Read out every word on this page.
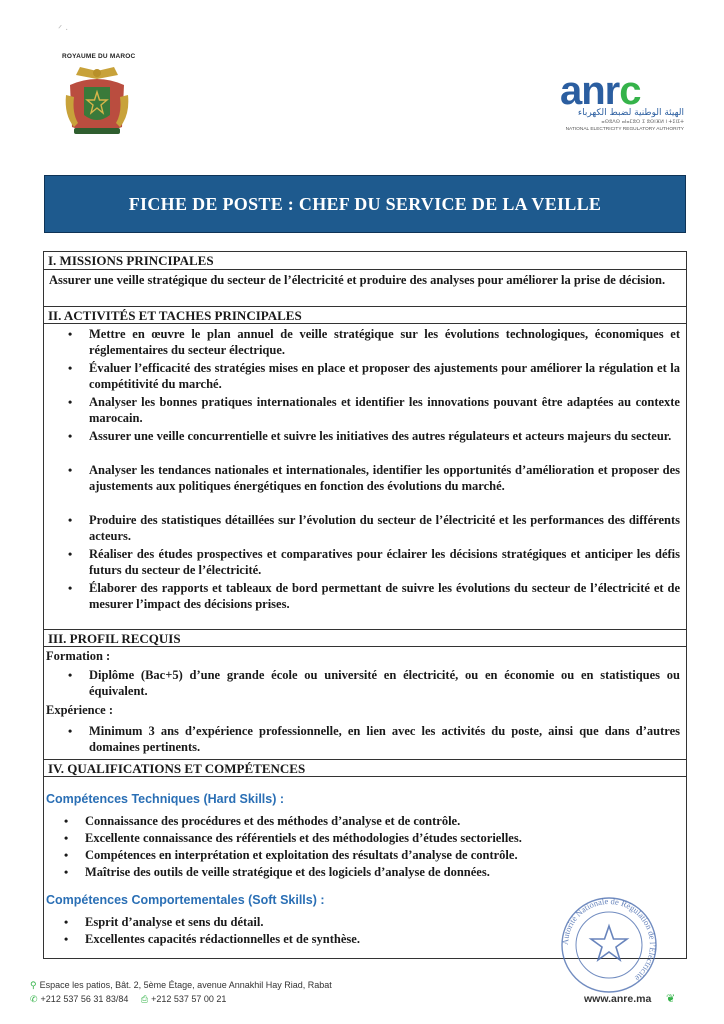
ᐟ ·
ROYAUME DU MAROC
anrc
الهيئة الوطنية لضبط الكهرباء
ⴰⵙⵓⴷⵙ ⴰⵏⴰⵎⵓⵔ ⵉ ⵓⵙⵏⴼⵍ ⵏ ⵜⵉⵏⵉⵜ
NATIONAL ELECTRICITY REGULATORY AUTHORITY
FICHE DE POSTE : CHEF DU SERVICE DE LA VEILLE
I. MISSIONS PRINCIPALES
Assurer une veille stratégique du secteur de l’électricité et produire des analyses pour améliorer la prise de décision.
II. ACTIVITÉS ET TACHES PRINCIPALES
• Mettre en œuvre le plan annuel de veille stratégique sur les évolutions technologiques, économiques et réglementaires du secteur électrique.
• Évaluer l’efficacité des stratégies mises en place et proposer des ajustements pour améliorer la régulation et la compétitivité du marché.
• Analyser les bonnes pratiques internationales et identifier les innovations pouvant être adaptées au contexte marocain.
• Assurer une veille concurrentielle et suivre les initiatives des autres régulateurs et acteurs majeurs du secteur.
• Analyser les tendances nationales et internationales, identifier les opportunités d’amélioration et proposer des ajustements aux politiques énergétiques en fonction des évolutions du marché.
• Produire des statistiques détaillées sur l’évolution du secteur de l’électricité et les performances des différents acteurs.
• Réaliser des études prospectives et comparatives pour éclairer les décisions stratégiques et anticiper les défis futurs du secteur de l’électricité.
• Élaborer des rapports et tableaux de bord permettant de suivre les évolutions du secteur de l’électricité et de mesurer l’impact des décisions prises.
III. PROFIL RECQUIS
Formation :
• Diplôme (Bac+5) d’une grande école ou université en électricité, ou en économie ou en statistiques ou équivalent.
Expérience :
• Minimum 3 ans d’expérience professionnelle, en lien avec les activités du poste, ainsi que dans d’autres domaines pertinents.
IV. QUALIFICATIONS ET COMPÉTENCES
Compétences Techniques (Hard Skills) :
• Connaissance des procédures et des méthodes d’analyse et de contrôle.
• Excellente connaissance des référentiels et des méthodologies d’études sectorielles.
• Compétences en interprétation et exploitation des résultats d’analyse de contrôle.
• Maîtrise des outils de veille stratégique et des logiciels d’analyse de données.
Compétences Comportementales (Soft Skills) :
• Esprit d’analyse et sens du détail.
• Excellentes capacités rédactionnelles et de synthèse.	Autorité Nationale de Régulation de l’Electricité
⚲ Espace les patios, Bât. 2, 5ème Étage, avenue Annakhil Hay Riad, Rabat
✆ +212 537 56 31 83/84 ⎙ +212 537 57 00 21	www.anre.ma ❦
